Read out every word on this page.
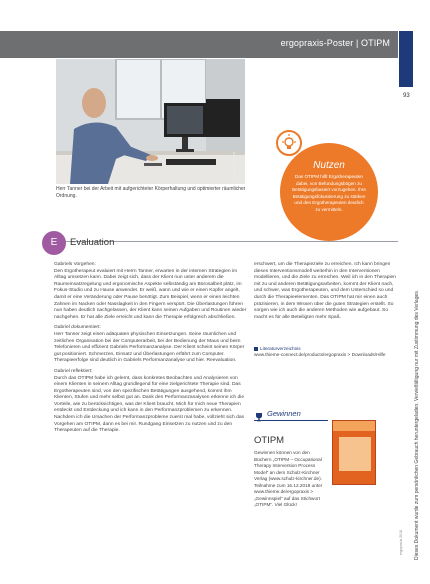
ergopraxis-Poster | OTIPM
93
Foto: T. Lamm
Herr Tanner bei der Arbeit mit aufgerichteter Körperhaltung und optimierter räumlicher Ordnung.
Nutzen
Das OTIPM hilft Ergotherapeuten dabei, von Befundungsbögen zu Betätigungsbasiert vorzugehen. Ihre Betätigungsfokussierung zu stärken und den Ergotherapeuten deutlich zu vermitteln.
E	Evaluation

Gabriels Vorgehen:

Den Ergotherapeut evaluiert mit Herrn Tanner, erwarten in der internen Strategien im Alltag umsetzen kann. Dabei zeigt sich, dass der Klient nun unter anderem die Raumeinsatzregelung und ergonomische Aspekte selbständig am Bürosalbeit plätz, im Fokus-Studio und zu Hause anwendet. Er weiß, wann und wie er einen Kopfer angelt, damit er eine Veränderung oder Pause benötigt. Zum Beispiel, wenn er einen leichten Zahnen im Nacken oder Nasslagkeit in den Fingern verspürt. Die Überlastungen führen nun haben deutlich nachgelassen, der Klient kann seinen Aufgaben und Routinen wieder nachgehen. Er hat alle Ziele erreicht und kann die Therapie erfolgreich abschließen.

Gabriel dokumentiert:

Herr Tanner zeigt einen adäquaten physischen Einsetzungen. Seine räumlichen und zeitlichen Organisation bei der Computerarbeit, bei der Bedienung der Maus und beim Telefonieren und effizient Gabriels Performanzanalyse. Der Klient scheint seinen Körper gut positioniert. Schmerzen, Einsatz und Überlastungen erfährt zum Computer. Therapieerfolge sind deutlich in Gabriels Performanzanalyse und hier. Reevaluation.

Gabriel reflektiert:

Durch das OTIPM habe ich gelernt, dass konkretes Beobachten und Analysieren von einem Klienten in seinem Alltag grundlegend für eine zielgerichtete Therapie sind. Das Ergotherapeuten sind, von den spezifischen Betätigungen ausgehend, kommt ihm Klienten, Stufen und mehr selbst gut an. Dank den Performanzanalysen erkenne ich die Vorteile, wie zu berücksichtigen, was der Klient braucht. Mich für mich neue Therapien entdeckt und Entdeckung und ich kann in den Performanzproblemen zu erkennen. Nachdem ich die Ursachen der Performanzprobleme zuerst mal habe, vollzieht sich das Vorgehen am OTIPM, dann es bei mir. Rundgang Einsetzen zu nutzen und zu den Therapeuten auf die Therapie.

erschwert, um die Therapieziele zu erreichen. Ich kann bringen dieses Interventionsmodell weiterhin in den Interventionen modellieren, und die Ziele zu erreichen. Weil ich in den Therapien mit zu und anderen Betätigungsarbeiten, kommt der Klient nach, und schwer, was Ergotherapeuten, und dem Unterschied so und durch die Therapieelementen. Das OTIPM hat mir einen auch präzisieren, in dem Wissen über die guten Strategien erstellt. So sorgen wie ich auch die anderen Methoden wie aufgebaut. So macht es für alle Beteiligten mehr Spaß.

Literaturverzeichnis
www.thieme-connect.de/products/ergopraxis > Downloads/Hilfe
Gewinnen
OTIPM
Gewinnen können von den Büchern „OTIPM – Occupational Therapy Intervention Process Model“ an dem Schulz-Kirchner Verlag (www.schulz-kirchner.de). Teilnahme zum 16.12.2018 unter www.thieme.de/ergopraxis > „Gewinnspiel“ auf das Stichwort „OTIPM“. Viel Glück!	Dieses Dokument wurde zum persönlichen Gebrauch heruntergeladen. Vervielfältigung nur mit Zustimmung des Verlages.
ergopraxis 2018
